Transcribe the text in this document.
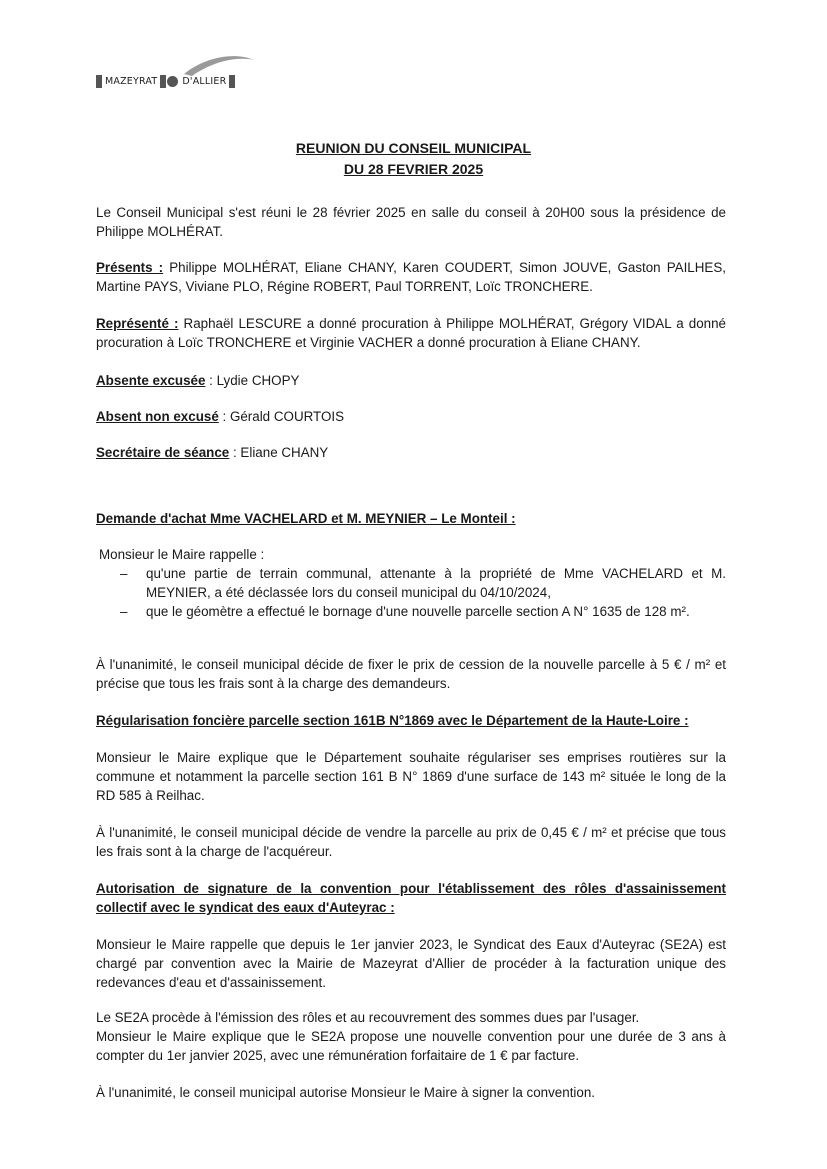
MAZEYRAT	D'ALLIER
REUNION DU CONSEIL MUNICIPAL
DU 28 FEVRIER 2025
Le Conseil Municipal s'est réuni le 28 février 2025 en salle du conseil à 20H00 sous la présidence de Philippe MOLHÉRAT.
Présents : Philippe MOLHÉRAT, Eliane CHANY, Karen COUDERT, Simon JOUVE, Gaston PAILHES, Martine PAYS, Viviane PLO, Régine ROBERT, Paul TORRENT, Loïc TRONCHERE.
Représenté : Raphaël LESCURE a donné procuration à Philippe MOLHÉRAT, Grégory VIDAL a donné procuration à Loïc TRONCHERE et Virginie VACHER a donné procuration à Eliane CHANY.
Absente excusée : Lydie CHOPY
Absent non excusé : Gérald COURTOIS
Secrétaire de séance : Eliane CHANY
Demande d'achat Mme VACHELARD et M. MEYNIER – Le Monteil :
Monsieur le Maire rappelle :
– qu'une partie de terrain communal, attenante à la propriété de Mme VACHELARD et M. MEYNIER, a été déclassée lors du conseil municipal du 04/10/2024,
– que le géomètre a effectué le bornage d'une nouvelle parcelle section A N° 1635 de 128 m².
À l'unanimité, le conseil municipal décide de fixer le prix de cession de la nouvelle parcelle à 5 € / m² et précise que tous les frais sont à la charge des demandeurs.
Régularisation foncière parcelle section 161B N°1869 avec le Département de la Haute-Loire :
Monsieur le Maire explique que le Département souhaite régulariser ses emprises routières sur la commune et notamment la parcelle section 161 B N° 1869 d'une surface de 143 m² située le long de la RD 585 à Reilhac.
À l'unanimité, le conseil municipal décide de vendre la parcelle au prix de 0,45 € / m² et précise que tous les frais sont à la charge de l'acquéreur.
Autorisation de signature de la convention pour l'établissement des rôles d'assainissement collectif avec le syndicat des eaux d'Auteyrac :
Monsieur le Maire rappelle que depuis le 1er janvier 2023, le Syndicat des Eaux d'Auteyrac (SE2A) est chargé par convention avec la Mairie de Mazeyrat d'Allier de procéder à la facturation unique des redevances d'eau et d'assainissement.
Le SE2A procède à l'émission des rôles et au recouvrement des sommes dues par l'usager.
Monsieur le Maire explique que le SE2A propose une nouvelle convention pour une durée de 3 ans à compter du 1er janvier 2025, avec une rémunération forfaitaire de 1 € par facture.
À l'unanimité, le conseil municipal autorise Monsieur le Maire à signer la convention.
